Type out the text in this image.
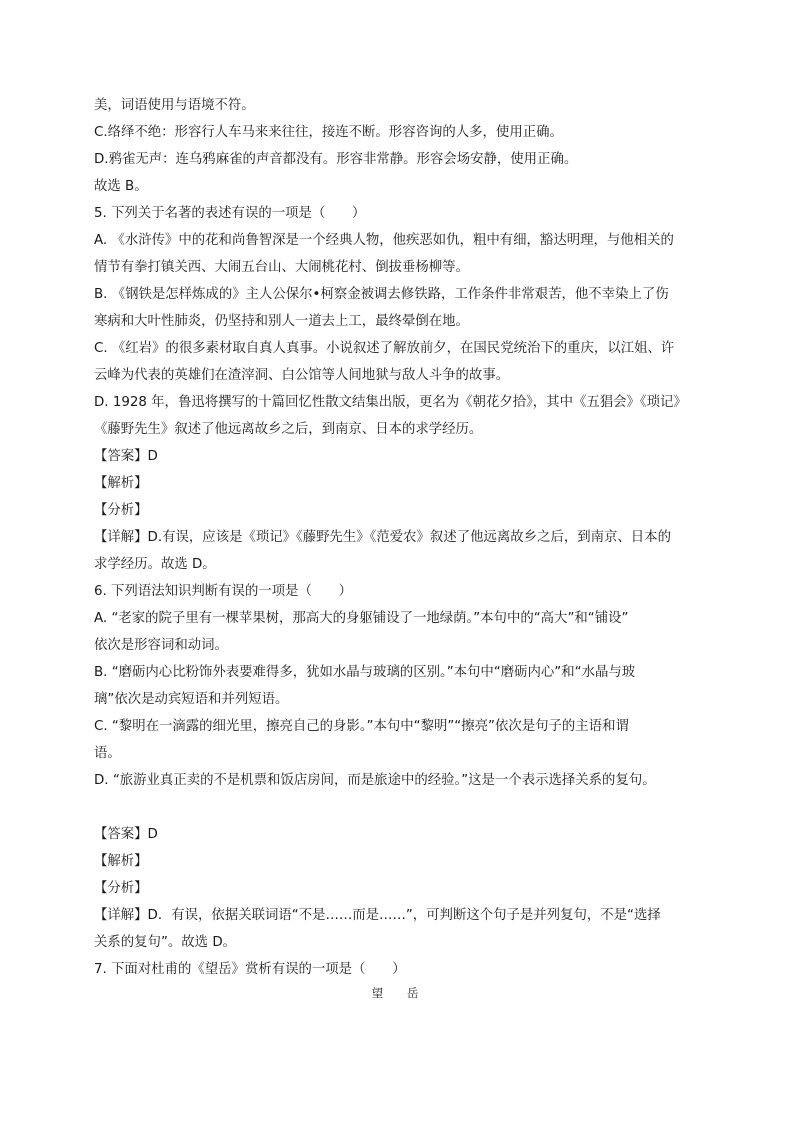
美，词语使用与语境不符。
C.络绎不绝：形容行人车马来来往往，接连不断。形容咨询的人多，使用正确。
D.鸦雀无声：连乌鸦麻雀的声音都没有。形容非常静。形容会场安静，使用正确。
故选 B。
5. 下列关于名著的表述有误的一项是（　　）
A. 《水浒传》中的花和尚鲁智深是一个经典人物，他疾恶如仇，粗中有细，豁达明理，与他相关的
情节有拳打镇关西、大闹五台山、大闹桃花村、倒拔垂杨柳等。
B. 《钢铁是怎样炼成的》主人公保尔•柯察金被调去修铁路，工作条件非常艰苦，他不幸染上了伤
寒病和大叶性肺炎，仍坚持和别人一道去上工，最终晕倒在地。
C. 《红岩》的很多素材取自真人真事。小说叙述了解放前夕，在国民党统治下的重庆，以江姐、许
云峰为代表的英雄们在渣滓洞、白公馆等人间地狱与敌人斗争的故事。
D. 1928 年，鲁迅将撰写的十篇回忆性散文结集出版，更名为《朝花夕拾》，其中《五猖会》《琐记》
《藤野先生》叙述了他远离故乡之后，到南京、日本的求学经历。
【答案】D
【解析】
【分析】
【详解】D.有误，应该是《琐记》《藤野先生》《范爱农》叙述了他远离故乡之后，到南京、日本的
求学经历。故选 D。
6. 下列语法知识判断有误的一项是（　　）
A. “老家的院子里有一棵苹果树，那高大的身躯铺设了一地绿荫。”本句中的“高大”和“铺设”
依次是形容词和动词。
B. “磨砺内心比粉饰外表要难得多，犹如水晶与玻璃的区别。”本句中“磨砺内心”和“水晶与玻
璃”依次是动宾短语和并列短语。
C. “黎明在一滴露的细光里，擦亮自己的身影。”本句中“黎明”“擦亮”依次是句子的主语和谓
语。
D. “旅游业真正卖的不是机票和饭店房间，而是旅途中的经验。”这是一个表示选择关系的复句。
【答案】D
【解析】
【分析】
【详解】D．有误，依据关联词语“不是……而是……”，可判断这个句子是并列复句，不是“选择
关系的复句”。故选 D。
7. 下面对杜甫的《望岳》赏析有误的一项是（　　）
望 岳
